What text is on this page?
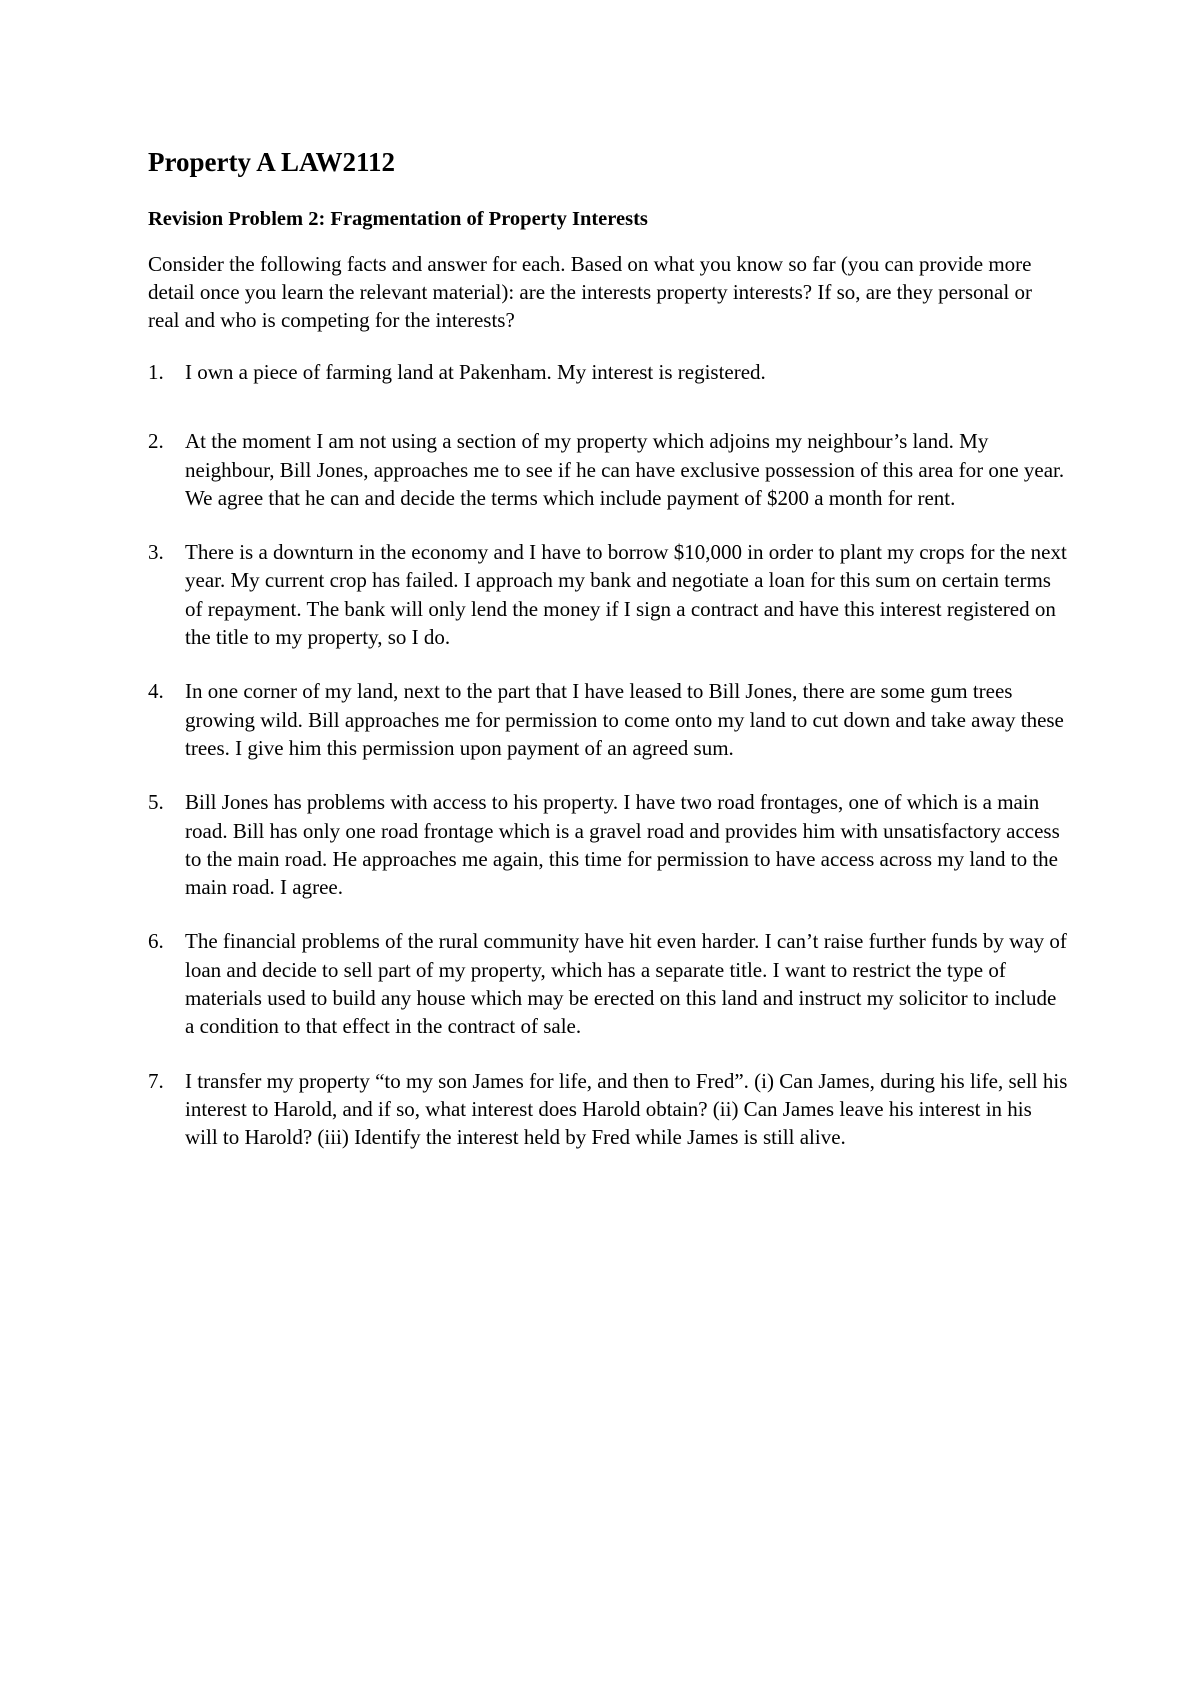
Property A LAW2112
Revision Problem 2: Fragmentation of Property Interests

Consider the following facts and answer for each. Based on what you know so far (you can provide more detail once you learn the relevant material): are the interests property interests? If so, are they personal or real and who is competing for the interests?

1. I own a piece of farming land at Pakenham. My interest is registered.
2. At the moment I am not using a section of my property which adjoins my neighbour’s land. My neighbour, Bill Jones, approaches me to see if he can have exclusive possession of this area for one year. We agree that he can and decide the terms which include payment of $200 a month for rent.
3. There is a downturn in the economy and I have to borrow $10,000 in order to plant my crops for the next year. My current crop has failed. I approach my bank and negotiate a loan for this sum on certain terms of repayment. The bank will only lend the money if I sign a contract and have this interest registered on the title to my property, so I do.
4. In one corner of my land, next to the part that I have leased to Bill Jones, there are some gum trees growing wild. Bill approaches me for permission to come onto my land to cut down and take away these trees. I give him this permission upon payment of an agreed sum.
5. Bill Jones has problems with access to his property. I have two road frontages, one of which is a main road. Bill has only one road frontage which is a gravel road and provides him with unsatisfactory access to the main road. He approaches me again, this time for permission to have access across my land to the main road. I agree.
6. The financial problems of the rural community have hit even harder. I can’t raise further funds by way of loan and decide to sell part of my property, which has a separate title. I want to restrict the type of materials used to build any house which may be erected on this land and instruct my solicitor to include a condition to that effect in the contract of sale.
7. I transfer my property “to my son James for life, and then to Fred”. (i) Can James, during his life, sell his interest to Harold, and if so, what interest does Harold obtain? (ii) Can James leave his interest in his will to Harold? (iii) Identify the interest held by Fred while James is still alive.
